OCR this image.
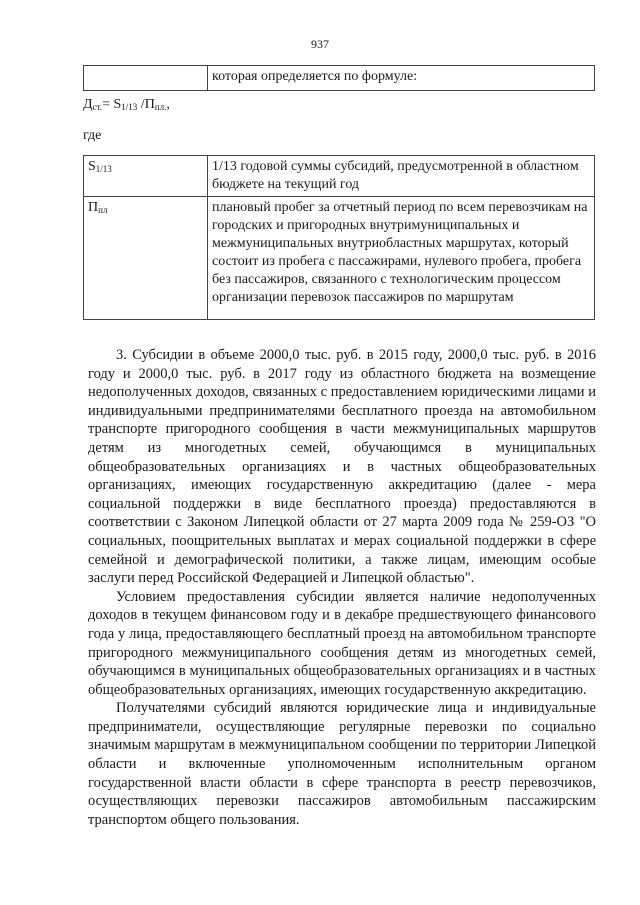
937
	которая определяется по формуле:
$Д_{ст.}= S_{1/13}$ $/П_{пл.}$,
где
$S_{1/13}$	1/13 годовой суммы субсидий, предусмотренной в областном бюджете на текущий год
$П_{пл}$	плановый пробег за отчетный период по всем перевозчикам на городских и пригородных внутримуниципальных и межмуниципальных внутриобластных маршрутах, который состоит из пробега с пассажирами, нулевого пробега, пробега без пассажиров, связанного с технологическим процессом организации перевозок пассажиров по маршрутам

3. Субсидии в объеме 2000,0 тыс. руб. в 2015 году, 2000,0 тыс. руб. в 2016 году и 2000,0 тыс. руб. в 2017 году из областного бюджета на возмещение недополученных доходов, связанных с предоставлением юридическими лицами и индивидуальными предпринимателями бесплатного проезда на автомобильном транспорте пригородного сообщения в части межмуниципальных маршрутов детям из многодетных семей, обучающимся в муниципальных общеобразовательных организациях и в частных общеобразовательных организациях, имеющих государственную аккредитацию (далее - мера социальной поддержки в виде бесплатного проезда) предоставляются в соответствии с Законом Липецкой области от 27 марта 2009 года № 259-ОЗ "О социальных, поощрительных выплатах и мерах социальной поддержки в сфере семейной и демографической политики, а также лицам, имеющим особые заслуги перед Российской Федерацией и Липецкой областью".

Условием предоставления субсидии является наличие недополученных доходов в текущем финансовом году и в декабре предшествующего финансового года у лица, предоставляющего бесплатный проезд на автомобильном транспорте пригородного межмуниципального сообщения детям из многодетных семей, обучающимся в муниципальных общеобразовательных организациях и в частных общеобразовательных организациях, имеющих государственную аккредитацию.

Получателями субсидий являются юридические лица и индивидуальные предприниматели, осуществляющие регулярные перевозки по социально значимым маршрутам в межмуниципальном сообщении по территории Липецкой области и включенные уполномоченным исполнительным органом государственной власти области в сфере транспорта в реестр перевозчиков, осуществляющих перевозки пассажиров автомобильным пассажирским транспортом общего пользования.
